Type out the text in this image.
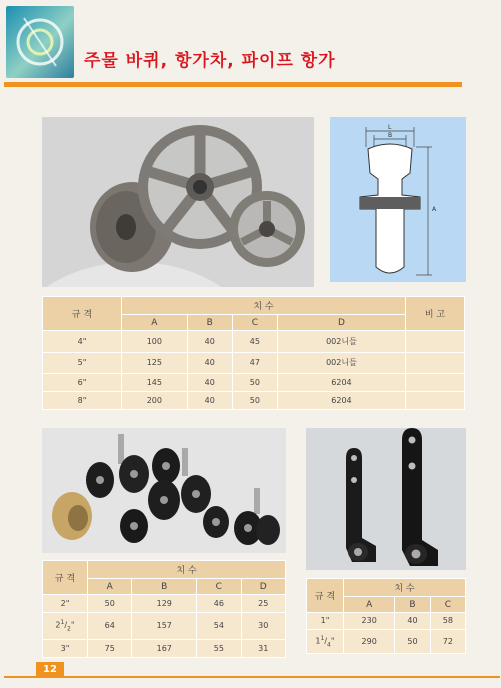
주물 바퀴, 항가차, 파이프 항가
L
B
A
규 격	치 수				비 고
	A	B	C	D	
4"	100	40	45	002니들	
5"	125	40	47	002니들	
6"	145	40	50	6204	
8"	200	40	50	6204	
규 격	치 수			
	A	B	C	D
2"	50	129	46	25
$2^1/_2$"	64	157	54	30
3"	75	167	55	31
규 격	치 수		
	A	B	C
1"	230	40	58
$1^1/_4$"	290	50	72
12
